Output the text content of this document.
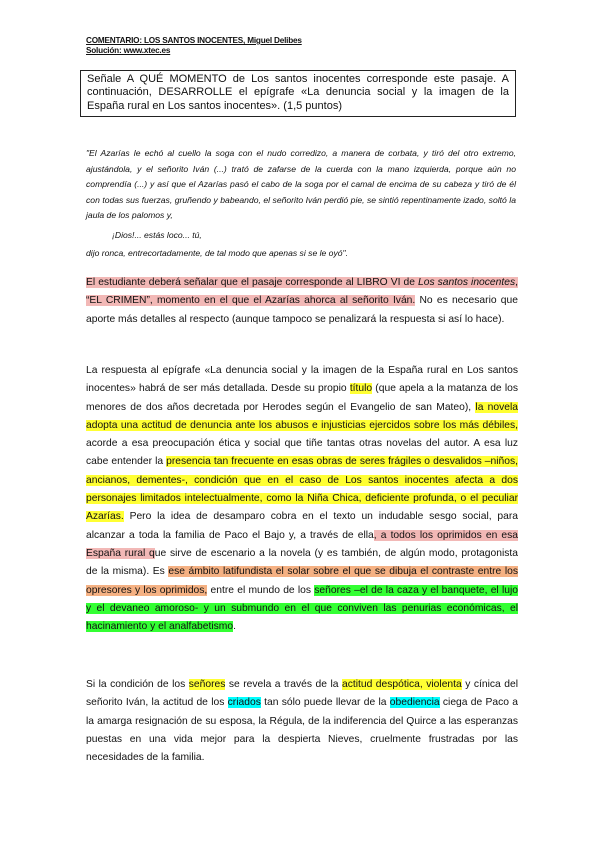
COMENTARIO: LOS SANTOS INOCENTES, Miguel Delibes
Solución: www.xtec.es
Señale A QUÉ MOMENTO de Los santos inocentes corresponde este pasaje. A continuación, DESARROLLE el epígrafe «La denuncia social y la imagen de la España rural en Los santos inocentes». (1,5 puntos)

"El Azarías le echó al cuello la soga con el nudo corredizo, a manera de corbata, y tiró del otro extremo, ajustándola, y el señorito Iván (...) trató de zafarse de la cuerda con la mano izquierda, porque aún no comprendía (...) y así que el Azarías pasó el cabo de la soga por el camal de encima de su cabeza y tiró de él con todas sus fuerzas, gruñendo y babeando, el señorito Iván perdió pie, se sintió repentinamente izado, soltó la jaula de los palomos y,

¡Dios!... estás loco... tú,

dijo ronca, entrecortadamente, de tal modo que apenas si se le oyó".

El estudiante deberá señalar que el pasaje corresponde al LIBRO VI de Los santos inocentes, “EL CRIMEN”, momento en el que el Azarías ahorca al señorito Iván. No es necesario que aporte más detalles al respecto (aunque tampoco se penalizará la respuesta si así lo hace).

La respuesta al epígrafe «La denuncia social y la imagen de la España rural en Los santos inocentes» habrá de ser más detallada. Desde su propio título (que apela a la matanza de los menores de dos años decretada por Herodes según el Evangelio de san Mateo), la novela adopta una actitud de denuncia ante los abusos e injusticias ejercidos sobre los más débiles, acorde a esa preocupación ética y social que tiñe tantas otras novelas del autor. A esa luz cabe entender la presencia tan frecuente en esas obras de seres frágiles o desvalidos –niños, ancianos, dementes-, condición que en el caso de Los santos inocentes afecta a dos personajes limitados intelectualmente, como la Niña Chica, deficiente profunda, o el peculiar Azarías. Pero la idea de desamparo cobra en el texto un indudable sesgo social, para alcanzar a toda la familia de Paco el Bajo y, a través de ella, a todos los oprimidos en esa España rural que sirve de escenario a la novela (y es también, de algún modo, protagonista de la misma). Es ese ámbito latifundista el solar sobre el que se dibuja el contraste entre los opresores y los oprimidos, entre el mundo de los señores –el de la caza y el banquete, el lujo y el devaneo amoroso- y un submundo en el que conviven las penurias económicas, el hacinamiento y el analfabetismo.

Si la condición de los señores se revela a través de la actitud despótica, violenta y cínica del señorito Iván, la actitud de los criados tan sólo puede llevar de la obediencia ciega de Paco a la amarga resignación de su esposa, la Régula, de la indiferencia del Quirce a las esperanzas puestas en una vida mejor para la despierta Nieves, cruelmente frustradas por las necesidades de la familia.
